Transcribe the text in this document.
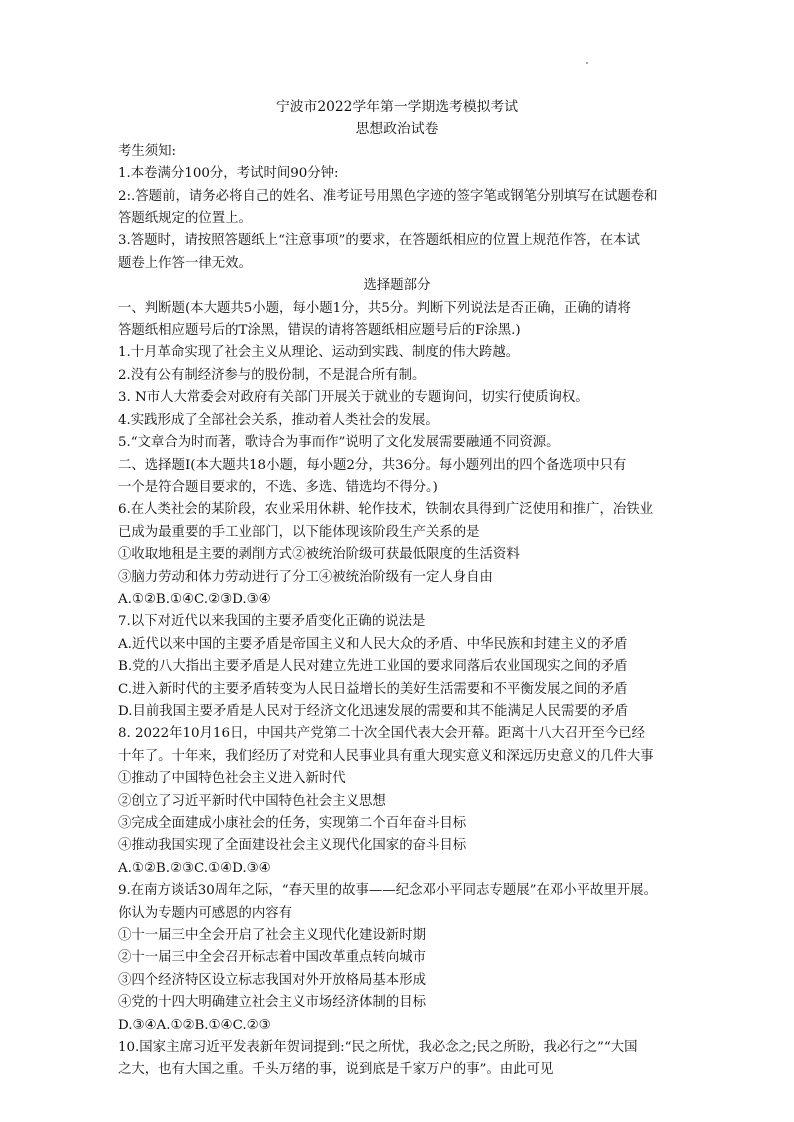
宁波市2022学年第一学期选考模拟考试
思想政治试卷
考生须知:
1.本卷满分100分，考试时间90分钟:
2:.答题前，请务必将自己的姓名、准考证号用黑色字迹的签字笔或钢笔分别填写在试题卷和
答题纸规定的位置上。
3.答题时，请按照答题纸上“注意事项”的要求，在答题纸相应的位置上规范作答，在本试
题卷上作答一律无效。
选择题部分
一、判断题(本大题共5小题，每小题1分，共5分。判断下列说法是否正确，正确的请将
答题纸相应题号后的T涂黑，错误的请将答题纸相应题号后的F涂黑.)
1.十月革命实现了社会主义从理论、运动到实践、制度的伟大跨越。
2.没有公有制经济参与的股份制，不是混合所有制。
3. N市人大常委会对政府有关部门开展关于就业的专题询问，切实行使质询权。
4.实践形成了全部社会关系，推动着人类社会的发展。
5.“文章合为时而著，歌诗合为事而作”说明了文化发展需要融通不同资源。
二、选择题I(本大题共18小题，每小题2分，共36分。每小题列出的四个备选项中只有
一个是符合题目要求的，不选、多选、错选均不得分。)
6.在人类社会的某阶段，农业采用休耕、轮作技术，铁制农具得到广泛使用和推广，冶铁业
已成为最重要的手工业部门，以下能体现该阶段生产关系的是
①收取地租是主要的剥削方式②被统治阶级可获最低限度的生活资料
③脑力劳动和体力劳动进行了分工④被统治阶级有一定人身自由
A.①②B.①④C.②③D.③④
7.以下对近代以来我国的主要矛盾变化正确的说法是
A.近代以来中国的主要矛盾是帝国主义和人民大众的矛盾、中华民族和封建主义的矛盾
B.党的八大指出主要矛盾是人民对建立先进工业国的要求同落后农业国现实之间的矛盾
C.进入新时代的主要矛盾转变为人民日益增长的美好生活需要和不平衡发展之间的矛盾
D.目前我国主要矛盾是人民对于经济文化迅速发展的需要和其不能满足人民需要的矛盾
8. 2022年10月16日，中国共产党第二十次全国代表大会开幕。距离十八大召开至今已经
十年了。十年来，我们经历了对党和人民事业具有重大现实意义和深远历史意义的几件大事
①推动了中国特色社会主义进入新时代
②创立了习近平新时代中国特色社会主义思想
③完成全面建成小康社会的任务，实现第二个百年奋斗目标
④推动我国实现了全面建设社会主义现代化国家的奋斗目标
A.①②B.②③C.①④D.③④
9.在南方谈话30周年之际，“春天里的故事——纪念邓小平同志专题展”在邓小平故里开展。
你认为专题内可感恩的内容有
①十一届三中全会开启了社会主义现代化建设新时期
②十一届三中全会召开标志着中国改革重点转向城市
③四个经济特区设立标志我国对外开放格局基本形成
④党的十四大明确建立社会主义市场经济体制的目标
D.③④A.①②B.①④C.②③
10.国家主席习近平发表新年贺词提到:“民之所忧，我必念之;民之所盼，我必行之”“大国
之大，也有大国之重。千头万绪的事，说到底是千家万户的事”。由此可见
